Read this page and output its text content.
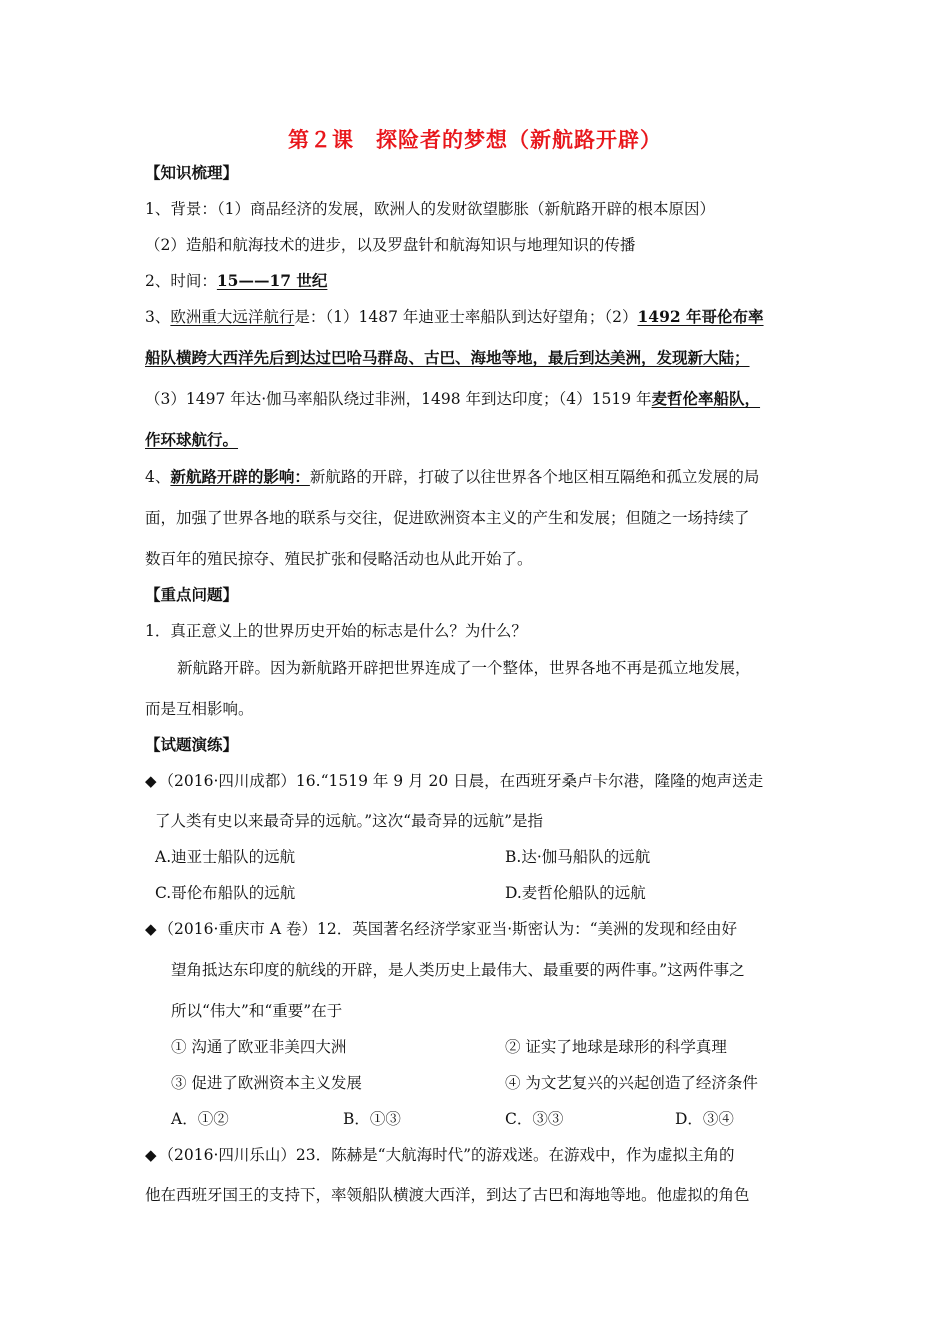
第２课　探险者的梦想（新航路开辟）
【知识梳理】
1、背景：（1）商品经济的发展，欧洲人的发财欲望膨胀（新航路开辟的根本原因）
（2）造船和航海技术的进步，以及罗盘针和航海知识与地理知识的传播
2、时间：15——17 世纪
3、欧洲重大远洋航行是：（1）1487 年迪亚士率船队到达好望角；（2）1492 年哥伦布率
船队横跨大西洋先后到达过巴哈马群岛、古巴、海地等地，最后到达美洲，发现新大陆；
（3）1497 年达·伽马率船队绕过非洲，1498 年到达印度；（4）1519 年麦哲伦率船队，
作环球航行。
4、新航路开辟的影响：新航路的开辟，打破了以往世界各个地区相互隔绝和孤立发展的局
面，加强了世界各地的联系与交往，促进欧洲资本主义的产生和发展；但随之一场持续了
数百年的殖民掠夺、殖民扩张和侵略活动也从此开始了。
【重点问题】
1．真正意义上的世界历史开始的标志是什么？为什么？
新航路开辟。因为新航路开辟把世界连成了一个整体，世界各地不再是孤立地发展，
而是互相影响。
【试题演练】
◆ （2016·四川成都）16.“1519 年 9 月 20 日晨，在西班牙桑卢卡尔港，隆隆的炮声送走
了人类有史以来最奇异的远航。”这次“最奇异的远航”是指
A.迪亚士船队的远航	B.达·伽马船队的远航
C.哥伦布船队的远航	D.麦哲伦船队的远航
◆ （2016·重庆市 A 卷）12．英国著名经济学家亚当·斯密认为：“美洲的发现和经由好
望角抵达东印度的航线的开辟，是人类历史上最伟大、最重要的两件事。”这两件事之
所以“伟大”和“重要”在于
① 沟通了欧亚非美四大洲	② 证实了地球是球形的科学真理
③ 促进了欧洲资本主义发展	④ 为文艺复兴的兴起创造了经济条件
A．①②	B．①③	C．③③	D．③④
◆ （2016·四川乐山）23．陈赫是“大航海时代”的游戏迷。在游戏中，作为虚拟主角的
他在西班牙国王的支持下，率领船队横渡大西洋，到达了古巴和海地等地。他虚拟的角色
